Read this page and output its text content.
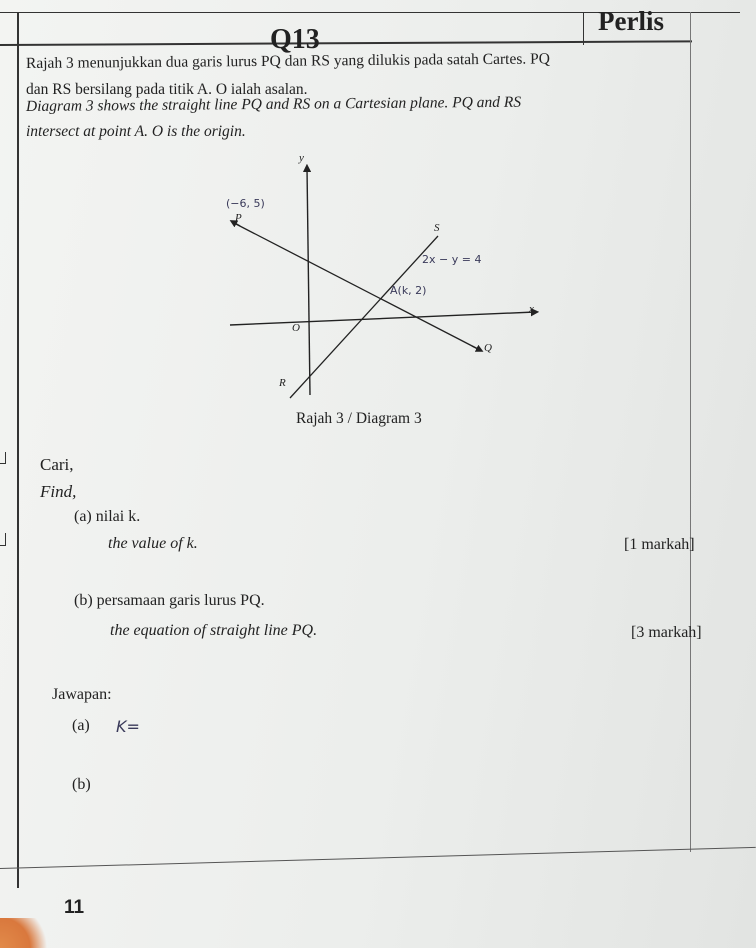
Q13
Perlis
Rajah 3 menunjukkan dua garis lurus PQ dan RS yang dilukis pada satah Cartes. PQ
dan RS bersilang pada titik A. O ialah asalan.
Diagram 3 shows the straight line PQ and RS on a Cartesian plane. PQ and RS
intersect at point A. O is the origin.
y
x
O
(−6, 5)
P
S
2x − y = 4
A(k, 2)
Q
R
Rajah 3 / Diagram 3
Cari,
Find,
(a) nilai k.
the value of k.	[1 markah]
(b) persamaan garis lurus PQ.
the equation of straight line PQ.	[3 markah]
Jawapan:
(a) K=
(b)
11
